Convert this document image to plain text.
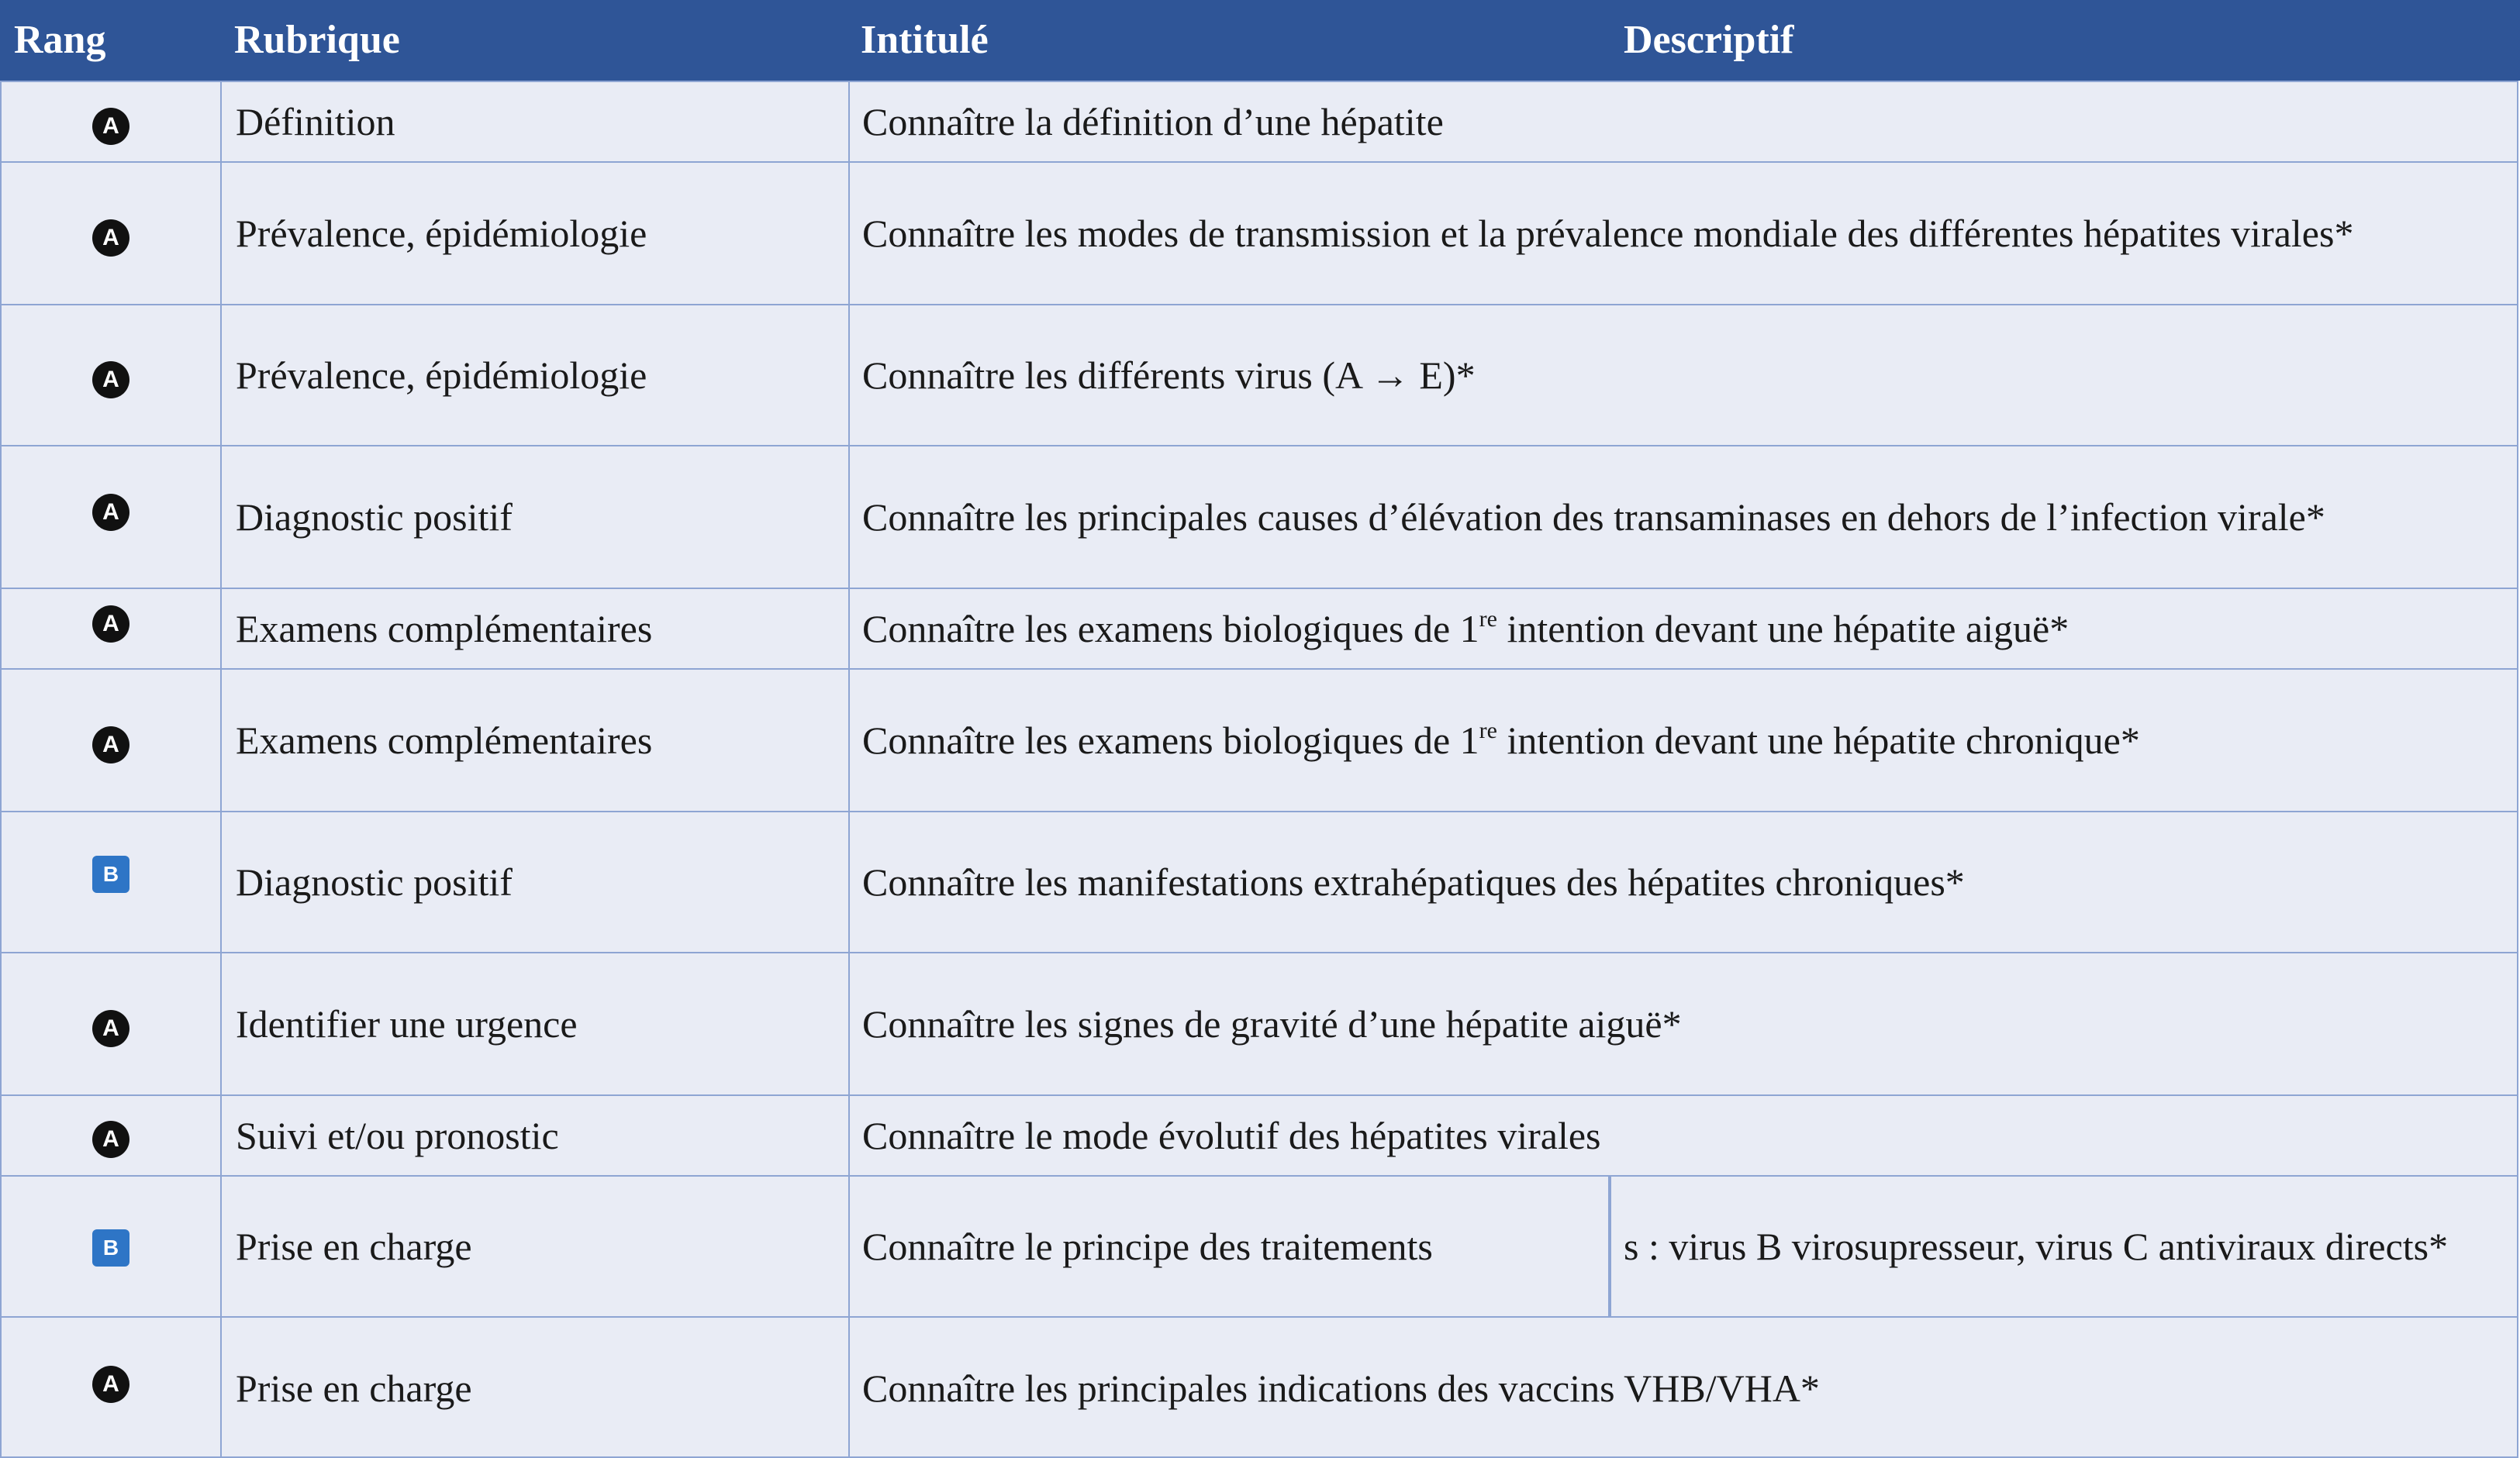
Rang	Rubrique	Intitulé	Descriptif
A	Définition	Connaître la définition d’une hépatite
A	Prévalence, épidémiologie	Connaître les modes de transmission et la prévalence mondiale des différentes hépatites virales*
A	Prévalence, épidémiologie	Connaître les différents virus (A → E)*
A	Diagnostic positif	Connaître les principales causes d’élévation des transaminases en dehors de l’infection virale*
A	Examens complémentaires	Connaître les examens biologiques de 1re intention devant une hépatite aiguë*
A	Examens complémentaires	Connaître les examens biologiques de 1re intention devant une hépatite chronique*
B	Diagnostic positif	Connaître les manifestations extrahépatiques des hépatites chroniques*
A	Identifier une urgence	Connaître les signes de gravité d’une hépatite aiguë*
A	Suivi et/ou pronostic	Connaître le mode évolutif des hépatites virales
B	Prise en charge	Connaître le principe des traitements	s : virus B virosupresseur, virus C antiviraux directs*
A	Prise en charge	Connaître les principales indications des vaccins VHB/VHA*
